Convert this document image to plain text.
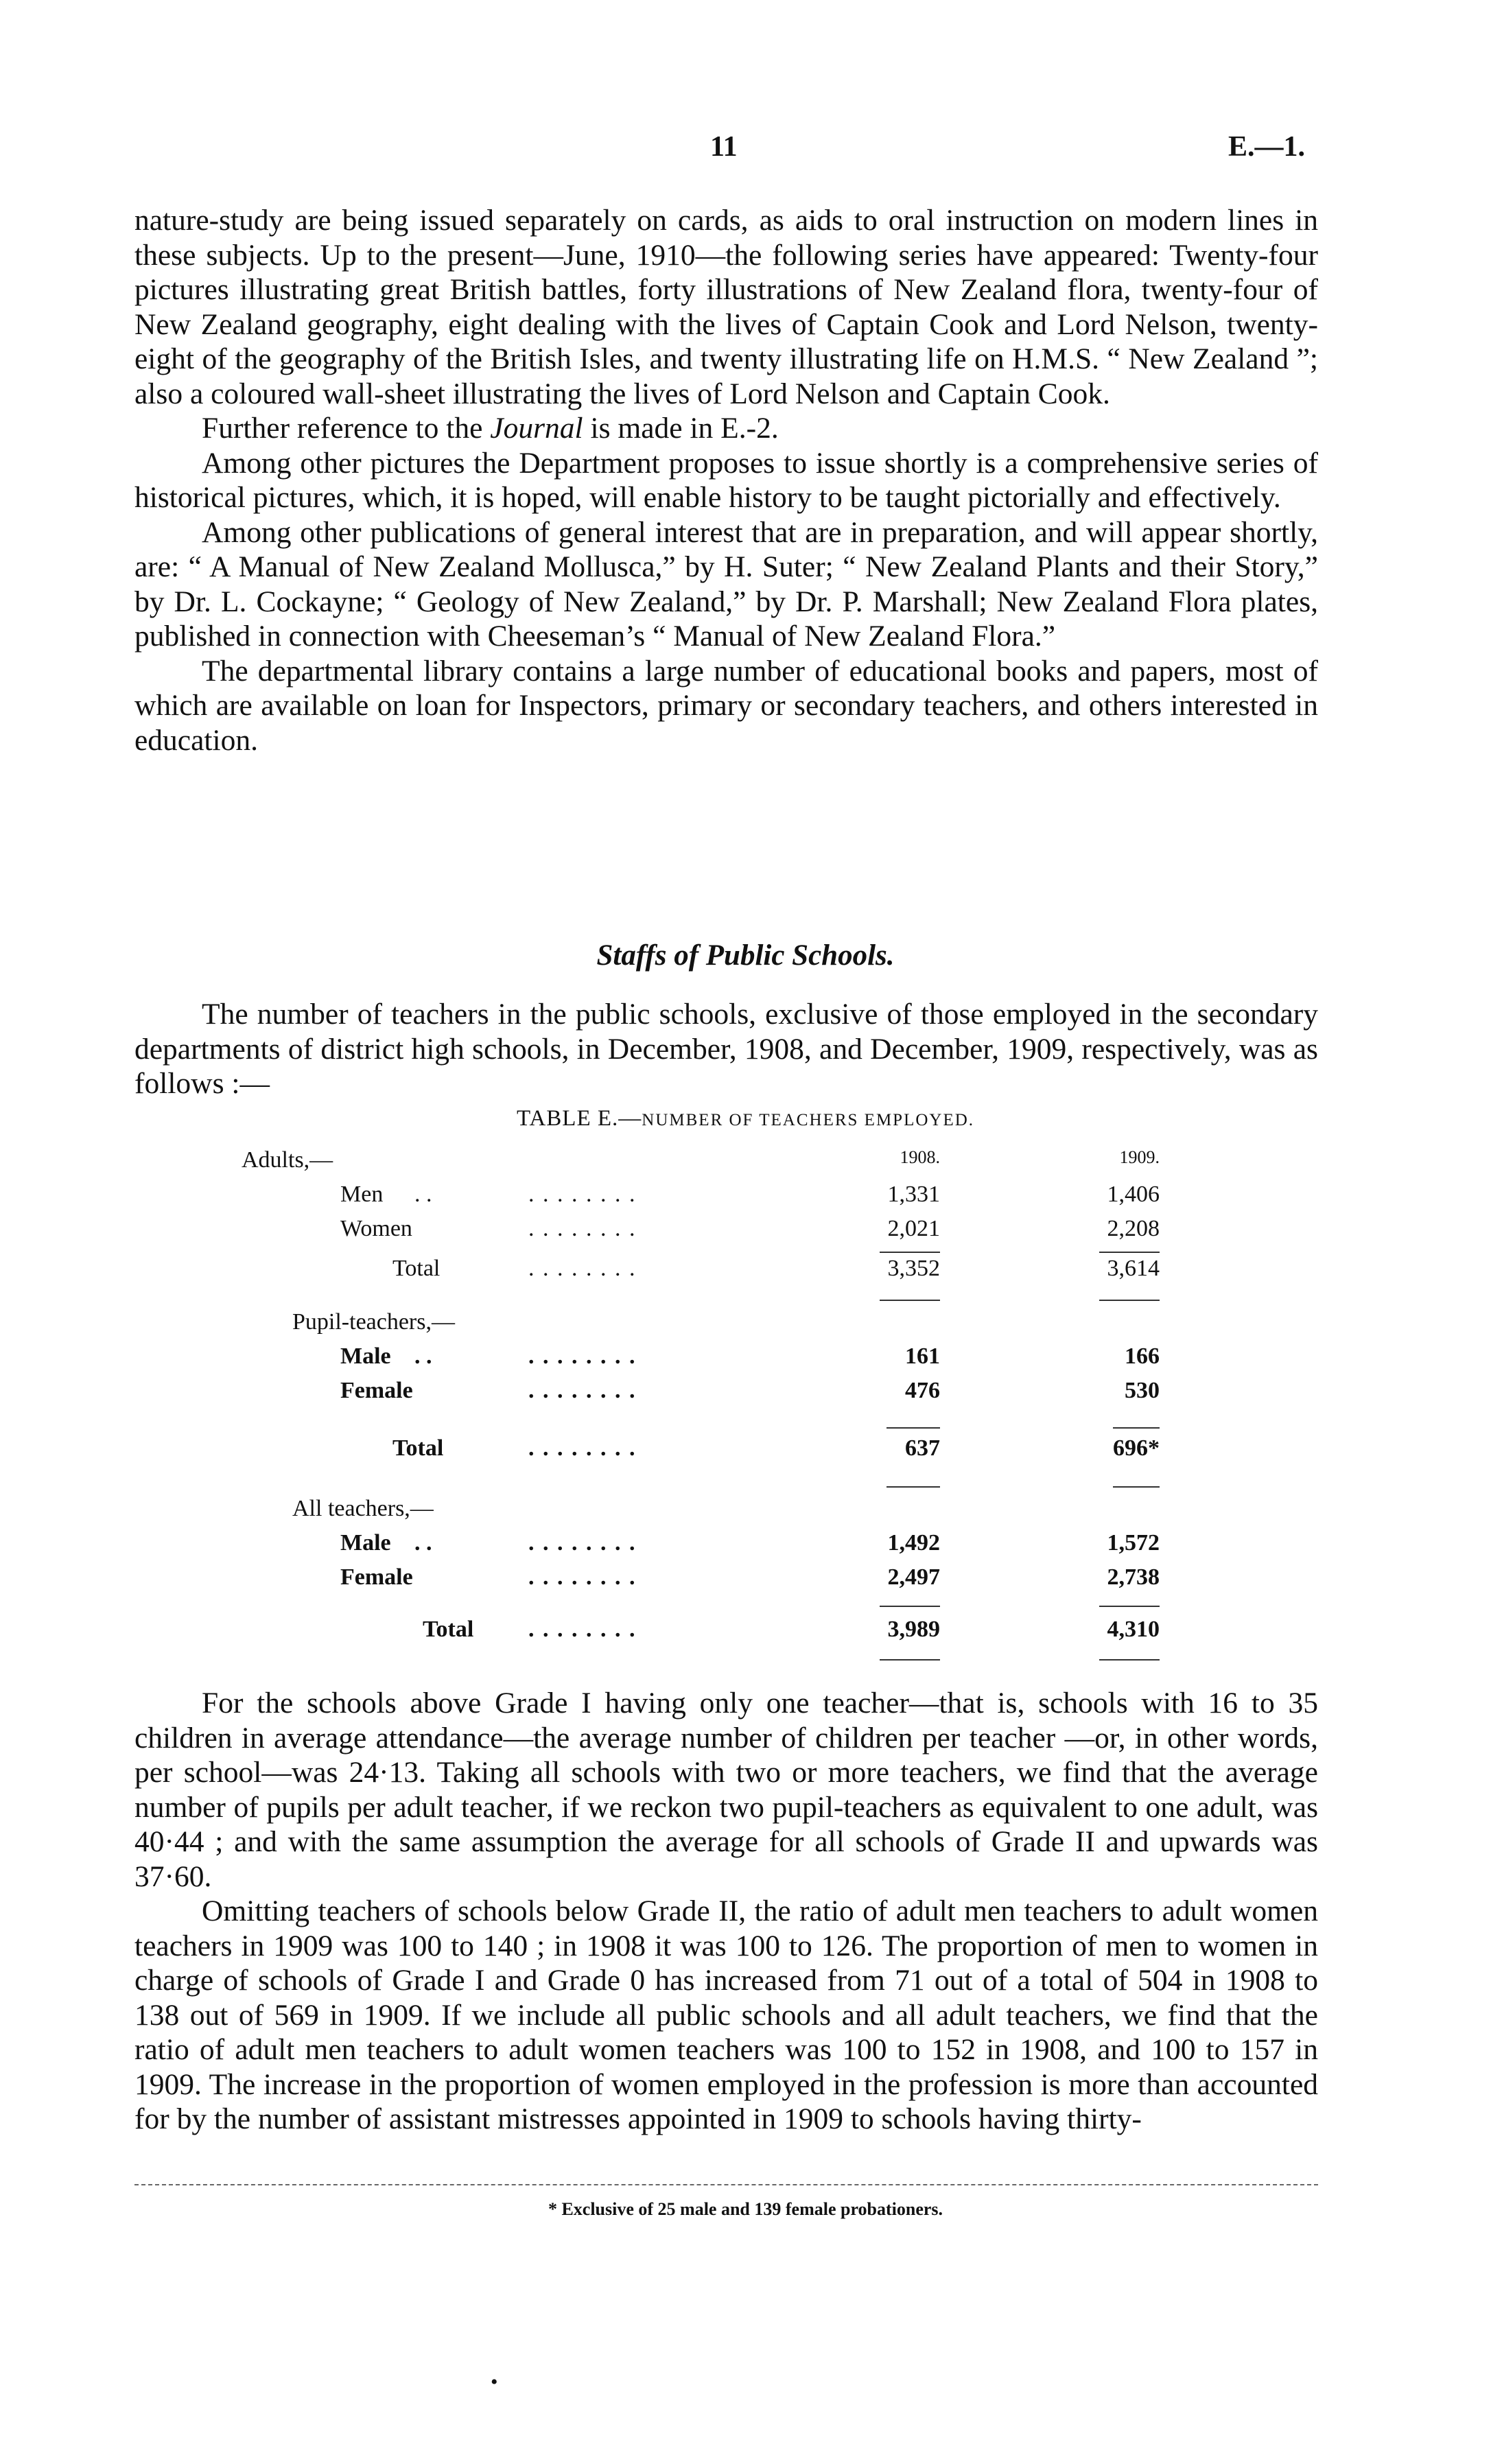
11	E.—1.

nature-study are being issued separately on cards, as aids to oral instruction on modern lines in these subjects. Up to the present—June, 1910—the following series have appeared: Twenty-four pictures illustrating great British battles, forty illustrations of New Zealand flora, twenty-four of New Zealand geography, eight dealing with the lives of Captain Cook and Lord Nelson, twenty-eight of the geography of the British Isles, and twenty illustrating life on H.M.S. “ New Zealand ”; also a coloured wall-sheet illustrating the lives of Lord Nelson and Captain Cook.

Further reference to the Journal is made in E.-2.

Among other pictures the Department proposes to issue shortly is a comprehensive series of historical pictures, which, it is hoped, will enable history to be taught pictorially and effectively.

Among other publications of general interest that are in preparation, and will appear shortly, are: “ A Manual of New Zealand Mollusca,” by H. Suter; “ New Zealand Plants and their Story,” by Dr. L. Cockayne; “ Geology of New Zealand,” by Dr. P. Marshall; New Zealand Flora plates, published in connection with Cheeseman’s “ Manual of New Zealand Flora.”

The departmental library contains a large number of educational books and papers, most of which are available on loan for Inspectors, primary or secondary teachers, and others interested in education.

Staffs of Public Schools.

The number of teachers in the public schools, exclusive of those employed in the secondary departments of district high schools, in December, 1908, and December, 1909, respectively, was as follows :—

TABLE E.—NUMBER OF TEACHERS EMPLOYED.
Adults,—	1908.	1909.
Men . .	. . . . . . . .	1,331	1,406
Women	. . . . . . . .	2,021	2,208
Total	. . . . . . . .	3,352	3,614
Pupil-teachers,—
Male . .	. . . . . . . .	161	166
Female	. . . . . . . .	476	530
Total	. . . . . . . .	637	696*
All teachers,—
Male . .	. . . . . . . .	1,492	1,572
Female	. . . . . . . .	2,497	2,738
Total . . . . . . . .	3,989	4,310

For the schools above Grade I having only one teacher—that is, schools with 16 to 35 children in average attendance—the average number of children per teacher —or, in other words, per school—was 24·13. Taking all schools with two or more teachers, we find that the average number of pupils per adult teacher, if we reckon two pupil-teachers as equivalent to one adult, was 40·44 ; and with the same assumption the average for all schools of Grade II and upwards was 37·60.

Omitting teachers of schools below Grade II, the ratio of adult men teachers to adult women teachers in 1909 was 100 to 140 ; in 1908 it was 100 to 126. The proportion of men to women in charge of schools of Grade I and Grade 0 has increased from 71 out of a total of 504 in 1908 to 138 out of 569 in 1909. If we include all public schools and all adult teachers, we find that the ratio of adult men teachers to adult women teachers was 100 to 152 in 1908, and 100 to 157 in 1909. The increase in the proportion of women employed in the profession is more than accounted for by the number of assistant mistresses appointed in 1909 to schools having thirty-

* Exclusive of 25 male and 139 female probationers.
•
